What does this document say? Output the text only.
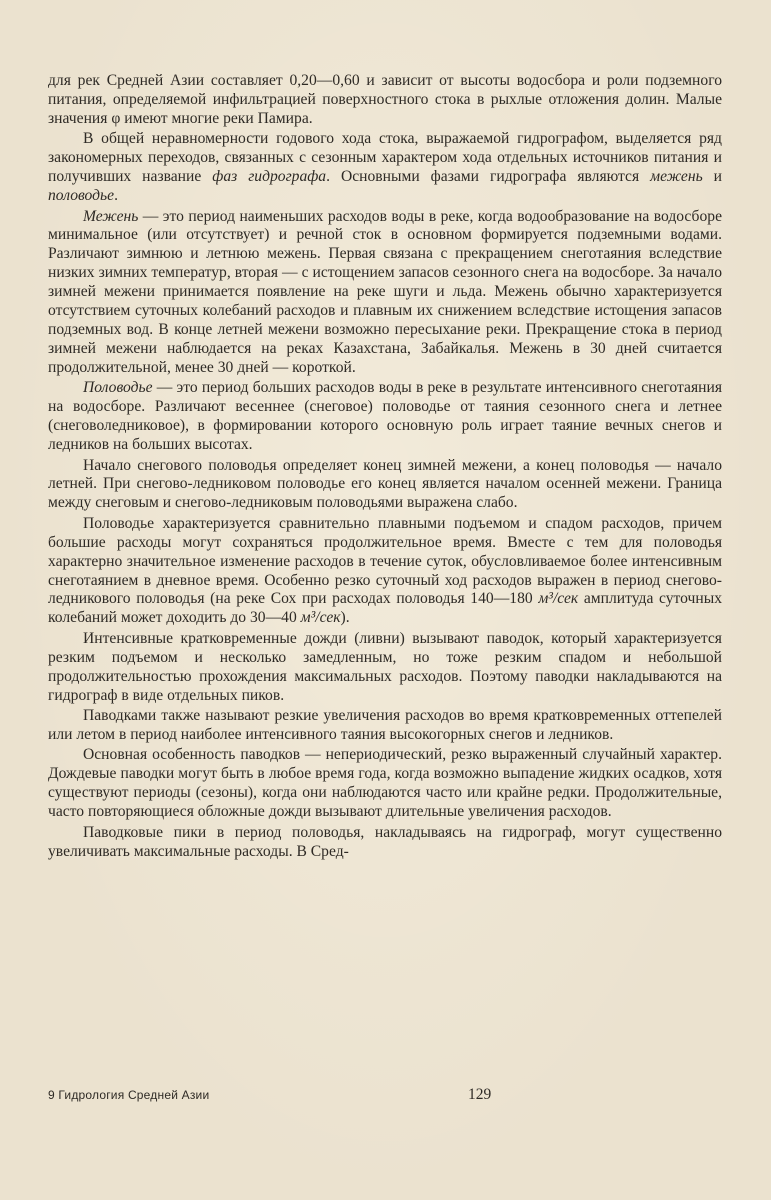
для рек Средней Азии составляет 0,20—0,60 и зависит от высоты водосбора и роли подземного питания, определяемой инфильтрацией поверхностного стока в рыхлые отложения долин. Малые значения φ имеют многие реки Памира.

В общей неравномерности годового хода стока, выражаемой гидрографом, выделяется ряд закономерных переходов, связанных с сезонным характером хода отдельных источников питания и получивших название фаз гидрографа. Основными фазами гидрографа являются межень и половодье.

Межень — это период наименьших расходов воды в реке, когда водообразование на водосборе минимальное (или отсутствует) и речной сток в основном формируется подземными водами. Различают зимнюю и летнюю межень. Первая связана с прекращением снеготаяния вследствие низких зимних температур, вторая — с истощением запасов сезонного снега на водосборе. За начало зимней межени принимается появление на реке шуги и льда. Межень обычно характеризуется отсутствием суточных колебаний расходов и плавным их снижением вследствие истощения запасов подземных вод. В конце летней межени возможно пересыхание реки. Прекращение стока в период зимней межени наблюдается на реках Казахстана, Забайкалья. Межень в 30 дней считается продолжительной, менее 30 дней — короткой.

Половодье — это период больших расходов воды в реке в результате интенсивного снеготаяния на водосборе. Различают весеннее (снеговое) половодье от таяния сезонного снега и летнее (снеговоледниковое), в формировании которого основную роль играет таяние вечных снегов и ледников на больших высотах.

Начало снегового половодья определяет конец зимней межени, а конец половодья — начало летней. При снегово-ледниковом половодье его конец является началом осенней межени. Граница между снеговым и снегово-ледниковым половодьями выражена слабо.

Половодье характеризуется сравнительно плавными подъемом и спадом расходов, причем большие расходы могут сохраняться продолжительное время. Вместе с тем для половодья характерно значительное изменение расходов в течение суток, обусловливаемое более интенсивным снеготаянием в дневное время. Особенно резко суточный ход расходов выражен в период снегово-ледникового половодья (на реке Сох при расходах половодья 140—180 м³/сек амплитуда суточных колебаний может доходить до 30—40 м³/сек).

Интенсивные кратковременные дожди (ливни) вызывают паводок, который характеризуется резким подъемом и несколько замедленным, но тоже резким спадом и небольшой продолжительностью прохождения максимальных расходов. Поэтому паводки накладываются на гидрограф в виде отдельных пиков.

Паводками также называют резкие увеличения расходов во время кратковременных оттепелей или летом в период наиболее интенсивного таяния высокогорных снегов и ледников.

Основная особенность паводков — непериодический, резко выраженный случайный характер. Дождевые паводки могут быть в любое время года, когда возможно выпадение жидких осадков, хотя существуют периоды (сезоны), когда они наблюдаются часто или крайне редки. Продолжительные, часто повторяющиеся обложные дожди вызывают длительные увеличения расходов.

Паводковые пики в период половодья, накладываясь на гидрограф, могут существенно увеличивать максимальные расходы. В Сред-

9 Гидрология Средней Азии	129
